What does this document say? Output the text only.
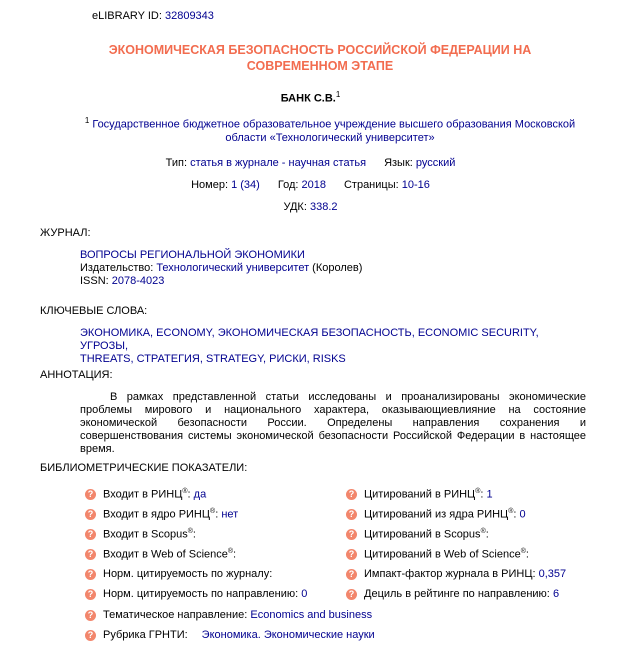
eLIBRARY ID: 32809343
ЭКОНОМИЧЕСКАЯ БЕЗОПАСНОСТЬ РОССИЙСКОЙ ФЕДЕРАЦИИ НА
СОВРЕМЕННОМ ЭТАПЕ
БАНК С.В.$^1$
$^1$ Государственное бюджетное образовательное учреждение высшего образования Московской
области «Технологический университет»
Тип: статья в журнале - научная статья Язык: русский
Номер: 1 (34) Год: 2018 Страницы: 10-16
УДК: 338.2
ЖУРНАЛ:
ВОПРОСЫ РЕГИОНАЛЬНОЙ ЭКОНОМИКИ
Издательство: Технологический университет (Королев)
ISSN: 2078-4023
КЛЮЧЕВЫЕ СЛОВА:
ЭКОНОМИКА, ECONOMY, ЭКОНОМИЧЕСКАЯ БЕЗОПАСНОСТЬ, ECONOMIC SECURITY, УГРОЗЫ,
THREATS, СТРАТЕГИЯ, STRATEGY, РИСКИ, RISKS
АННОТАЦИЯ:
В рамках представленной статьи исследованы и проанализированы экономические проблемы мирового и национального характера, оказывающиевлияние на состояние экономической безопасности России. Определены направления сохранения и совершенствования системы экономической безопасности Российской Федерации в настоящее время.
БИБЛИОМЕТРИЧЕСКИЕ ПОКАЗАТЕЛИ:
? Тематическое направление: Economics and business
? Рубрика ГРНТИ: Экономика. Экономические науки
? Входит в РИНЦ®: да
? Входит в ядро РИНЦ®: нет
? Входит в Scopus®:
? Входит в Web of Science®:
? Норм. цитируемость по журналу:
? Норм. цитируемость по направлению: 0
? Цитирований в РИНЦ®: 1
? Цитирований из ядра РИНЦ®: 0
? Цитирований в Scopus®:
? Цитирований в Web of Science®:
? Импакт-фактор журнала в РИНЦ: 0,357
? Дециль в рейтинге по направлению: 6
